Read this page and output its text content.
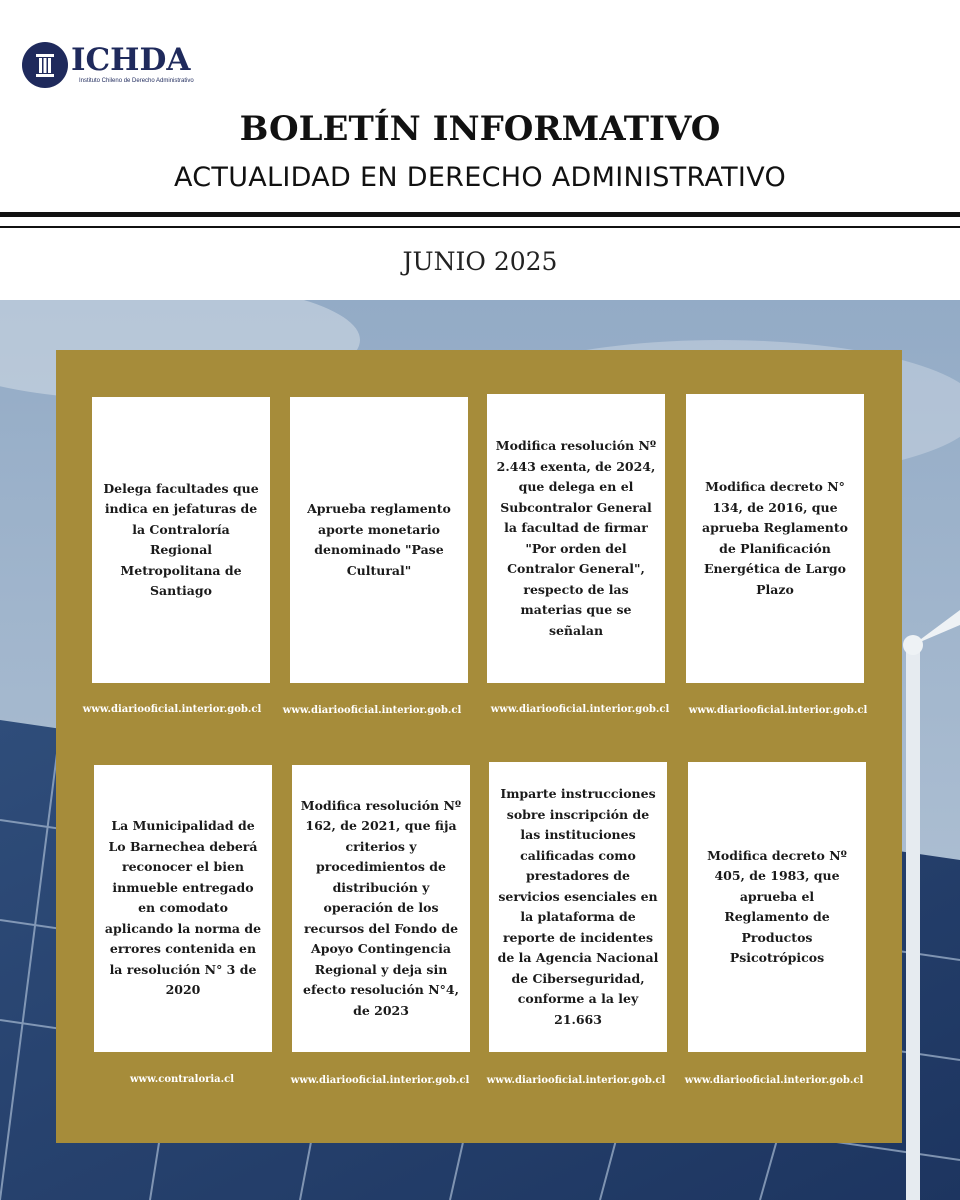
ICHDA
Instituto Chileno de Derecho Administrativo
BOLETÍN INFORMATIVO
ACTUALIDAD EN DERECHO ADMINISTRATIVO
JUNIO 2025
Delega facultades que indica en jefaturas de la Contraloría Regional Metropolitana de Santiago
Aprueba reglamento aporte monetario denominado "Pase Cultural"
Modifica resolución Nº 2.443 exenta, de 2024, que delega en el Subcontralor General la facultad de firmar "Por orden del Contralor General", respecto de las materias que se señalan
Modifica decreto N° 134, de 2016, que aprueba Reglamento de Planificación Energética de Largo Plazo
www.diariooficial.interior.gob.cl	www.diariooficial.interior.gob.cl	www.diariooficial.interior.gob.cl	www.diariooficial.interior.gob.cl
La Municipalidad de Lo Barnechea deberá reconocer el bien inmueble entregado en comodato aplicando la norma de errores contenida en la resolución N° 3 de 2020
Modifica resolución Nº 162, de 2021, que fija criterios y procedimientos de distribución y operación de los recursos del Fondo de Apoyo Contingencia Regional y deja sin efecto resolución N°4, de 2023
Imparte instrucciones sobre inscripción de las instituciones calificadas como prestadores de servicios esenciales en la plataforma de reporte de incidentes de la Agencia Nacional de Ciberseguridad, conforme a la ley 21.663
Modifica decreto Nº 405, de 1983, que aprueba el Reglamento de Productos Psicotrópicos
www.contraloria.cl	www.diariooficial.interior.gob.cl	www.diariooficial.interior.gob.cl	www.diariooficial.interior.gob.cl
